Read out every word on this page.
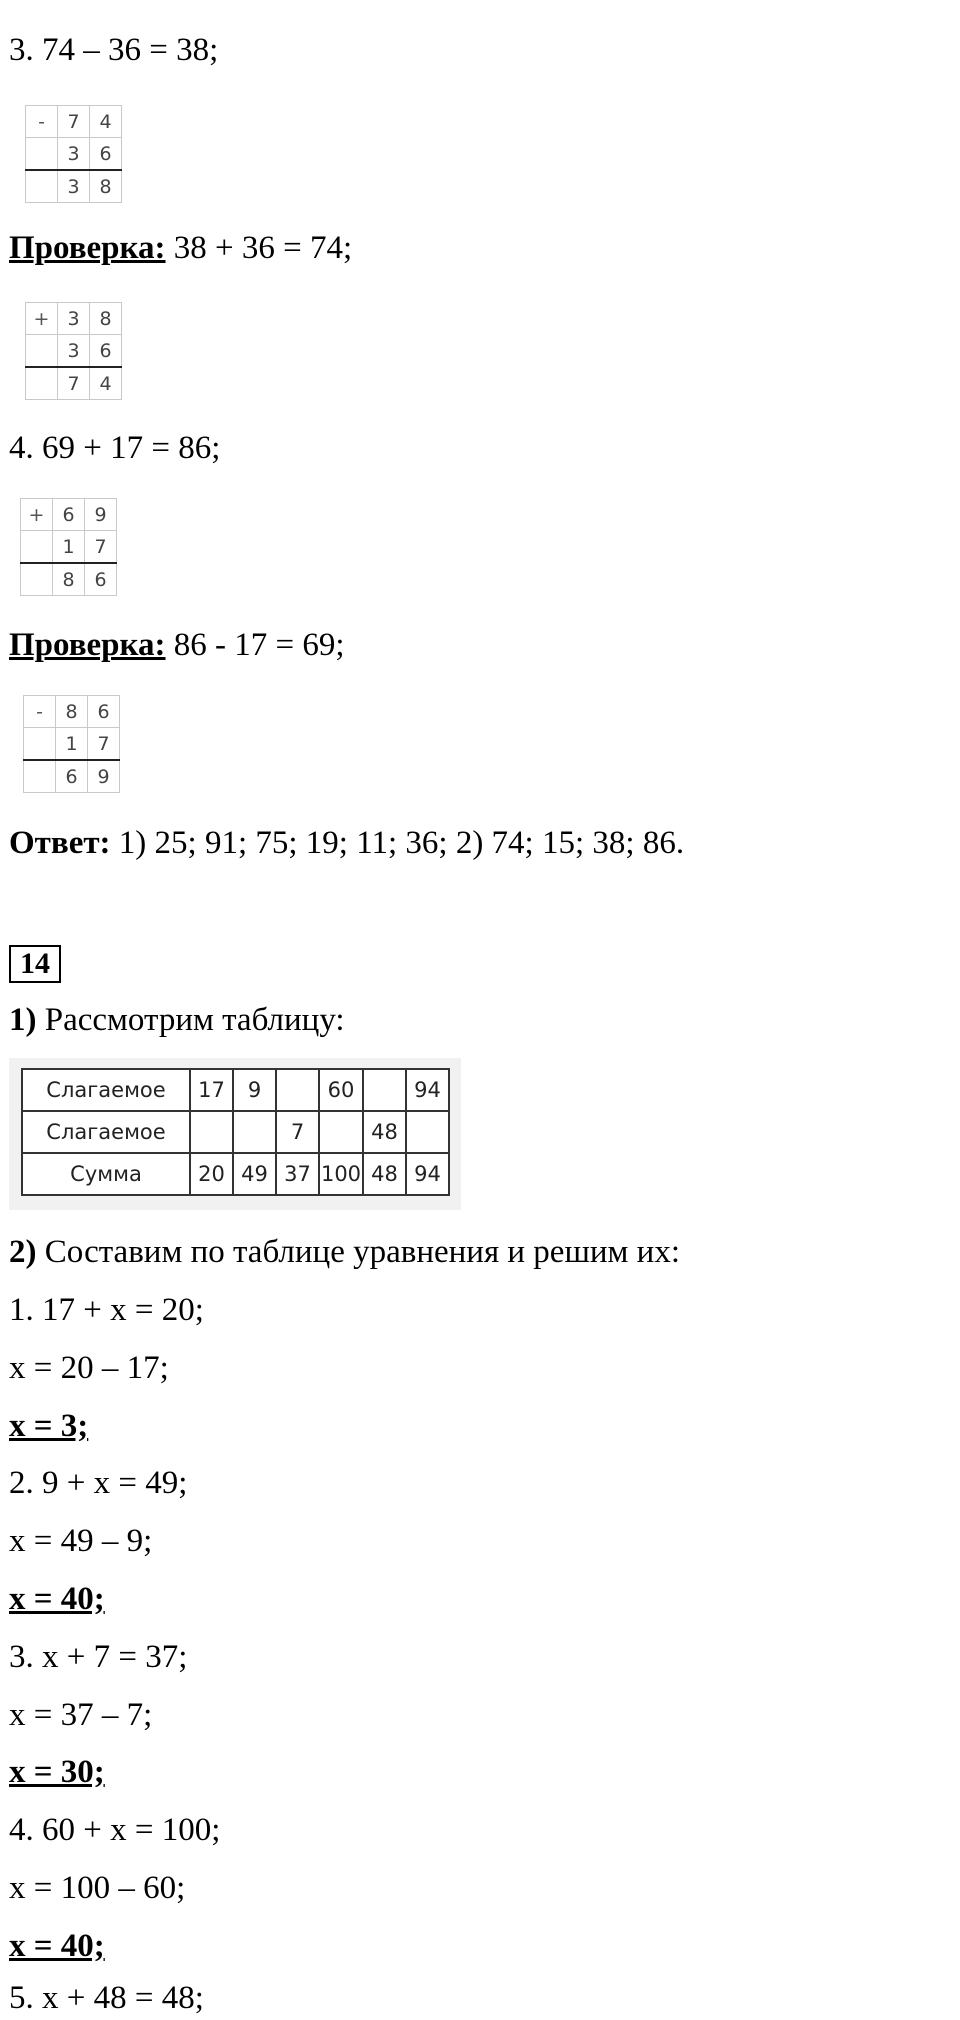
3. 74 – 36 = 38;
-	7	4
	3	6
	3	8
Проверка: 38 + 36 = 74;
+	3	8
	3	6
	7	4
4. 69 + 17 = 86;
+	6	9
	1	7
	8	6
Проверка: 86 - 17 = 69;
-	8	6
	1	7
	6	9
Ответ: 1) 25; 91; 75; 19; 11; 36; 2) 74; 15; 38; 86.
14
1) Рассмотрим таблицу:
Слагаемое	17	9		60		94
Слагаемое			7		48	
Сумма	20	49	37	100	48	94
2) Составим по таблице уравнения и решим их:
1. 17 + x = 20;
x = 20 – 17;
x = 3;
2. 9 + x = 49;
x = 49 – 9;
x = 40;
3. x + 7 = 37;
x = 37 – 7;
x = 30;
4. 60 + x = 100;
x = 100 – 60;
x = 40;
5. x + 48 = 48;
